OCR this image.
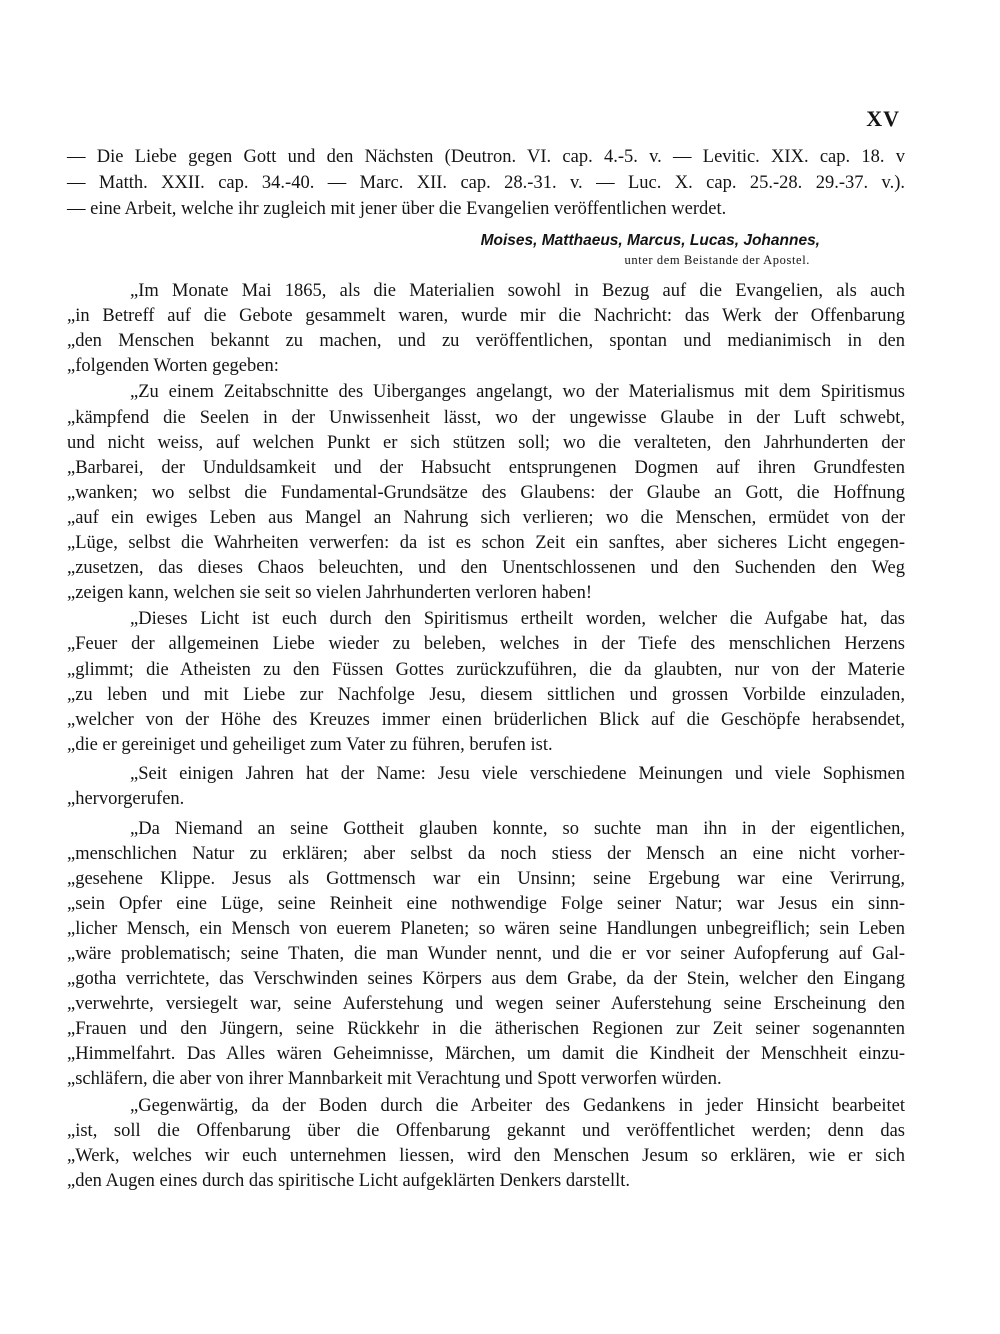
XV
— Die Liebe gegen Gott und den Nächsten (Deutron. VI. cap. 4.-5. v. — Levitic. XIX. cap. 18. v
— Matth. XXII. cap. 34.-40. — Marc. XII. cap. 28.-31. v. — Luc. X. cap. 25.-28. 29.-37. v.).
— eine Arbeit, welche ihr zugleich mit jener über die Evangelien veröffentlichen werdet.
Moises, Matthaeus, Marcus, Lucas, Johannes,
unter dem Beistande der Apostel.
„Im Monate Mai 1865, als die Materialien sowohl in Bezug auf die Evangelien, als auch
„in Betreff auf die Gebote gesammelt waren, wurde mir die Nachricht: das Werk der Offenbarung
„den Menschen bekannt zu machen, und zu veröffentlichen, spontan und medianimisch in den
„folgenden Worten gegeben:
„Zu einem Zeitabschnitte des Uiberganges angelangt, wo der Materialismus mit dem Spiritismus
„kämpfend die Seelen in der Unwissenheit lässt, wo der ungewisse Glaube in der Luft schwebt,
und nicht weiss, auf welchen Punkt er sich stützen soll; wo die veralteten, den Jahrhunderten der
„Barbarei, der Unduldsamkeit und der Habsucht entsprungenen Dogmen auf ihren Grundfesten
„wanken; wo selbst die Fundamental-Grundsätze des Glaubens: der Glaube an Gott, die Hoffnung
„auf ein ewiges Leben aus Mangel an Nahrung sich verlieren; wo die Menschen, ermüdet von der
„Lüge, selbst die Wahrheiten verwerfen: da ist es schon Zeit ein sanftes, aber sicheres Licht engegen-
„zusetzen, das dieses Chaos beleuchten, und den Unentschlossenen und den Suchenden den Weg
„zeigen kann, welchen sie seit so vielen Jahrhunderten verloren haben!
„Dieses Licht ist euch durch den Spiritismus ertheilt worden, welcher die Aufgabe hat, das
„Feuer der allgemeinen Liebe wieder zu beleben, welches in der Tiefe des menschlichen Herzens
„glimmt; die Atheisten zu den Füssen Gottes zurückzuführen, die da glaubten, nur von der Materie
„zu leben und mit Liebe zur Nachfolge Jesu, diesem sittlichen und grossen Vorbilde einzuladen,
„welcher von der Höhe des Kreuzes immer einen brüderlichen Blick auf die Geschöpfe herabsendet,
„die er gereiniget und geheiliget zum Vater zu führen, berufen ist.
„Seit einigen Jahren hat der Name: Jesu viele verschiedene Meinungen und viele Sophismen
„hervorgerufen.
„Da Niemand an seine Gottheit glauben konnte, so suchte man ihn in der eigentlichen,
„menschlichen Natur zu erklären; aber selbst da noch stiess der Mensch an eine nicht vorher-
„gesehene Klippe. Jesus als Gottmensch war ein Unsinn; seine Ergebung war eine Verirrung,
„sein Opfer eine Lüge, seine Reinheit eine nothwendige Folge seiner Natur; war Jesus ein sinn-
„licher Mensch, ein Mensch von euerem Planeten; so wären seine Handlungen unbegreiflich; sein Leben
„wäre problematisch; seine Thaten, die man Wunder nennt, und die er vor seiner Aufopferung auf Gal-
„gotha verrichtete, das Verschwinden seines Körpers aus dem Grabe, da der Stein, welcher den Eingang
„verwehrte, versiegelt war, seine Auferstehung und wegen seiner Auferstehung seine Erscheinung den
„Frauen und den Jüngern, seine Rückkehr in die ätherischen Regionen zur Zeit seiner sogenannten
„Himmelfahrt. Das Alles wären Geheimnisse, Märchen, um damit die Kindheit der Menschheit einzu-
„schläfern, die aber von ihrer Mannbarkeit mit Verachtung und Spott verworfen würden.
„Gegenwärtig, da der Boden durch die Arbeiter des Gedankens in jeder Hinsicht bearbeitet
„ist, soll die Offenbarung über die Offenbarung gekannt und veröffentlichet werden; denn das
„Werk, welches wir euch unternehmen liessen, wird den Menschen Jesum so erklären, wie er sich
„den Augen eines durch das spiritische Licht aufgeklärten Denkers darstellt.
